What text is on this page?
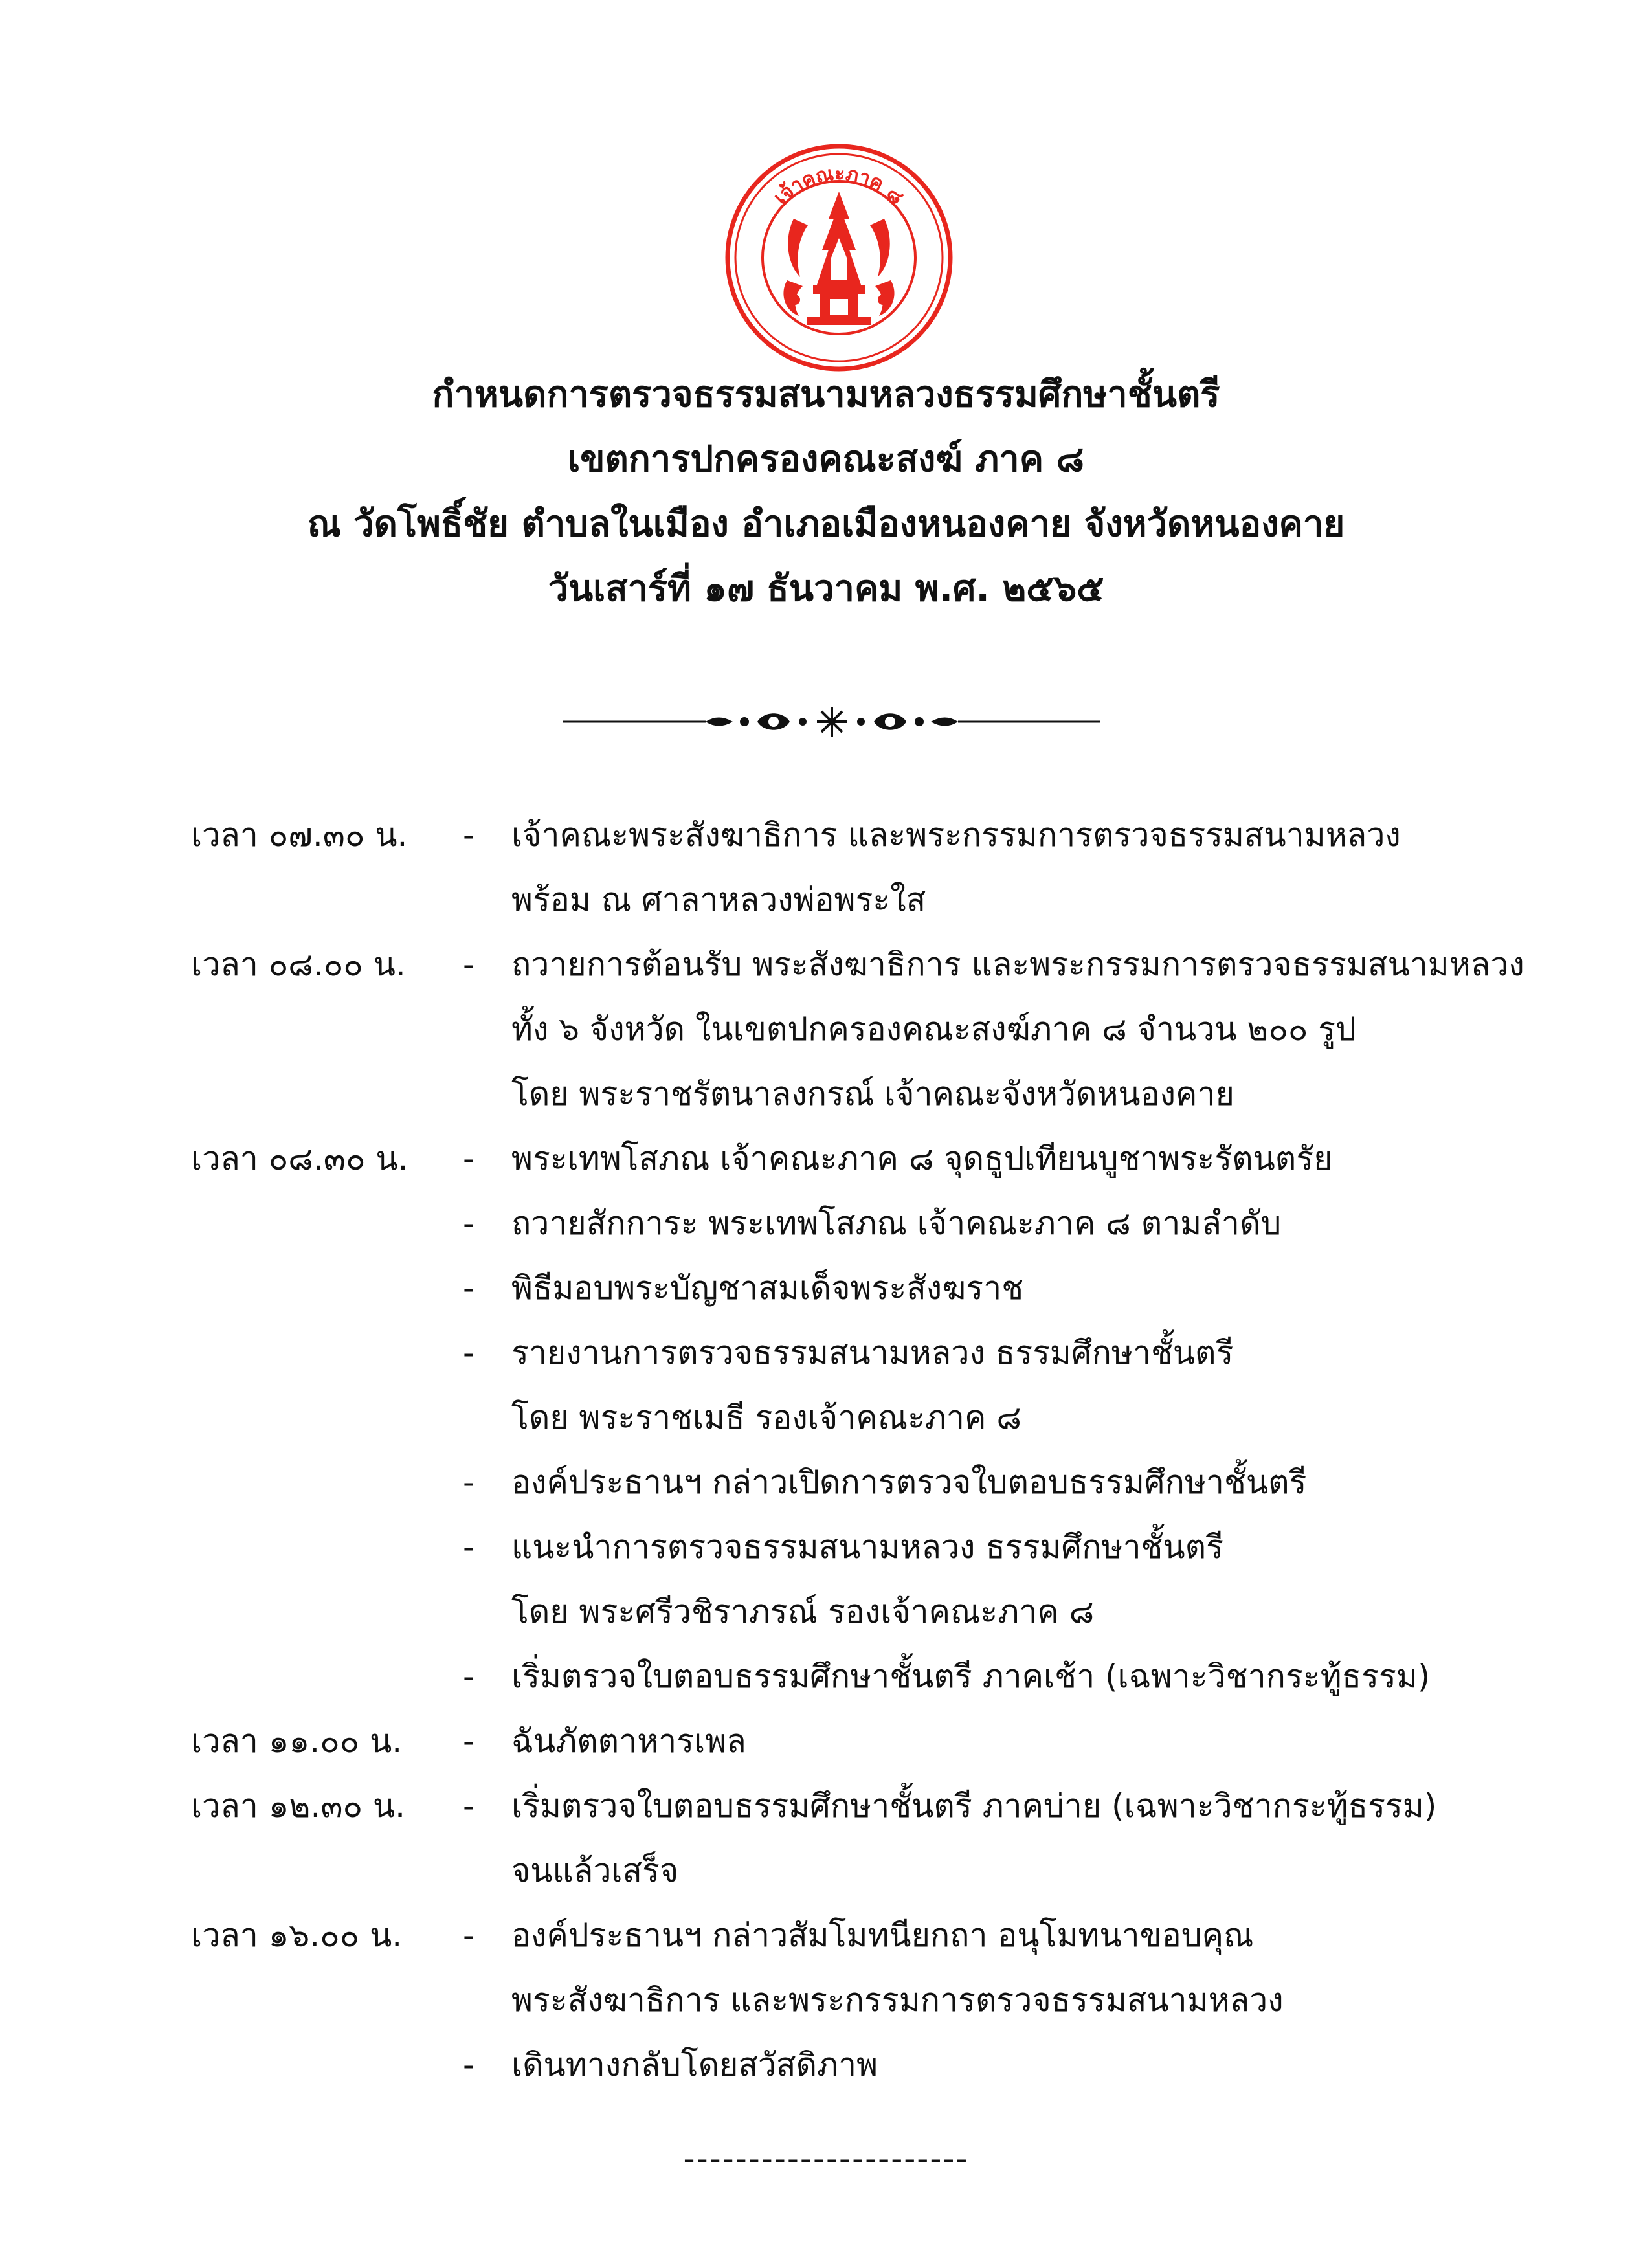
เจ้าคณะภาค ๘
กำหนดการตรวจธรรมสนามหลวงธรรมศึกษาชั้นตรี
เขตการปกครองคณะสงฆ์ ภาค ๘
ณ วัดโพธิ์ชัย ตำบลในเมือง อำเภอเมืองหนองคาย จังหวัดหนองคาย
วันเสาร์ที่ ๑๗ ธันวาคม พ.ศ. ๒๕๖๕
เวลา ๐๗.๓๐ น.	-	เจ้าคณะพระสังฆาธิการ และพระกรรมการตรวจธรรมสนามหลวง
พร้อม ณ ศาลาหลวงพ่อพระใส
เวลา ๐๘.๐๐ น.	-	ถวายการต้อนรับ พระสังฆาธิการ และพระกรรมการตรวจธรรมสนามหลวง
ทั้ง ๖ จังหวัด ในเขตปกครองคณะสงฆ์ภาค ๘ จำนวน ๒๐๐ รูป
โดย พระราชรัตนาลงกรณ์ เจ้าคณะจังหวัดหนองคาย
เวลา ๐๘.๓๐ น.	-	พระเทพโสภณ เจ้าคณะภาค ๘ จุดธูปเทียนบูชาพระรัตนตรัย
-	ถวายสักการะ พระเทพโสภณ เจ้าคณะภาค ๘ ตามลำดับ
-	พิธีมอบพระบัญชาสมเด็จพระสังฆราช
-	รายงานการตรวจธรรมสนามหลวง ธรรมศึกษาชั้นตรี
โดย พระราชเมธี รองเจ้าคณะภาค ๘
-	องค์ประธานฯ กล่าวเปิดการตรวจใบตอบธรรมศึกษาชั้นตรี
-	แนะนำการตรวจธรรมสนามหลวง ธรรมศึกษาชั้นตรี
โดย พระศรีวชิราภรณ์ รองเจ้าคณะภาค ๘
-	เริ่มตรวจใบตอบธรรมศึกษาชั้นตรี ภาคเช้า (เฉพาะวิชากระทู้ธรรม)
เวลา ๑๑.๐๐ น.	-	ฉันภัตตาหารเพล
เวลา ๑๒.๓๐ น.	-	เริ่มตรวจใบตอบธรรมศึกษาชั้นตรี ภาคบ่าย (เฉพาะวิชากระทู้ธรรม)
จนแล้วเสร็จ
เวลา ๑๖.๐๐ น.	-	องค์ประธานฯ กล่าวสัมโมทนียกถา อนุโมทนาขอบคุณ
พระสังฆาธิการ และพระกรรมการตรวจธรรมสนามหลวง
-	เดินทางกลับโดยสวัสดิภาพ
----------------------
